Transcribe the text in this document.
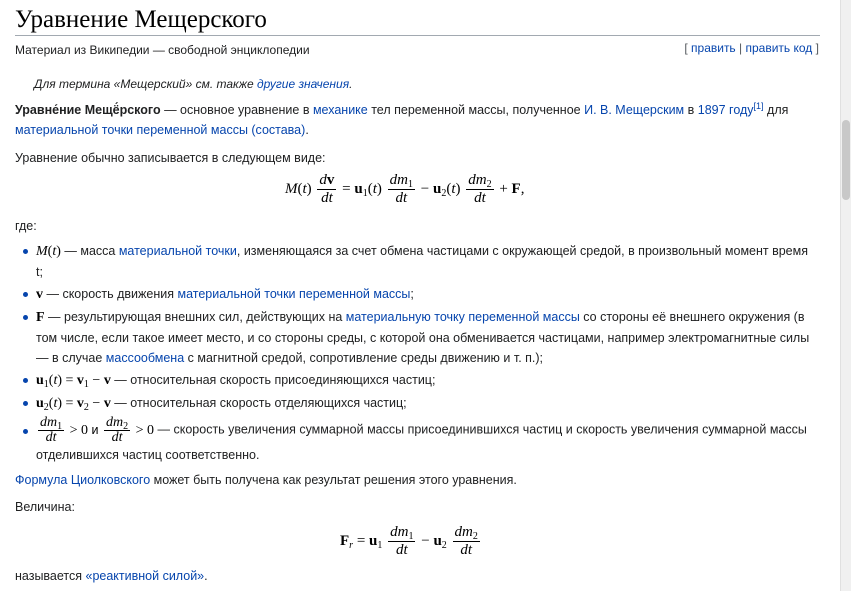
Уравнение Мещерского
Материал из Википедии — свободной энциклопедии	[ править | править код ]
Для термина «Мещерский» см. также другие значения.
Уравне́ние Мещё́рского — основное уравнение в механике тел переменной массы, полученное И. В. Мещерским в 1897 году[1] для материальной точки переменной массы (состава).
Уравнение обычно записывается в следующем виде:
$M(t) \frac{dv}{dt} = u_1(t) \frac{dm_1}{dt} - u_2(t) \frac{dm_2}{dt} + F$,
где:
M(t) — масса материальной точки, изменяющаяся за счет обмена частицами с окружающей средой, в произвольный момент время t;
v — скорость движения материальной точки переменной массы;
F — результирующая внешних сил, действующих на материальную точку переменной массы со стороны её внешнего окружения (в том числе, если такое имеет место, и со стороны среды, с которой она обменивается частицами, например электромагнитные силы — в случае массообмена с магнитной средой, сопротивление среды движению и т. п.);
$u_1(t) = v_1 - v$ — относительная скорость присоединяющихся частиц;
$u_2(t) = v_2 - v$ — относительная скорость отделяющихся частиц;
$\frac{dm_1}{dt} > 0$ и $\frac{dm_2}{dt} > 0$ — скорость увеличения суммарной массы присоединившихся частиц и скорость увеличения суммарной массы отделившихся частиц соответственно.
Формула Циолковского может быть получена как результат решения этого уравнения.
Величина:
$F_r = u_1 \frac{dm_1}{dt} - u_2 \frac{dm_2}{dt}$
называется «реактивной силой».
